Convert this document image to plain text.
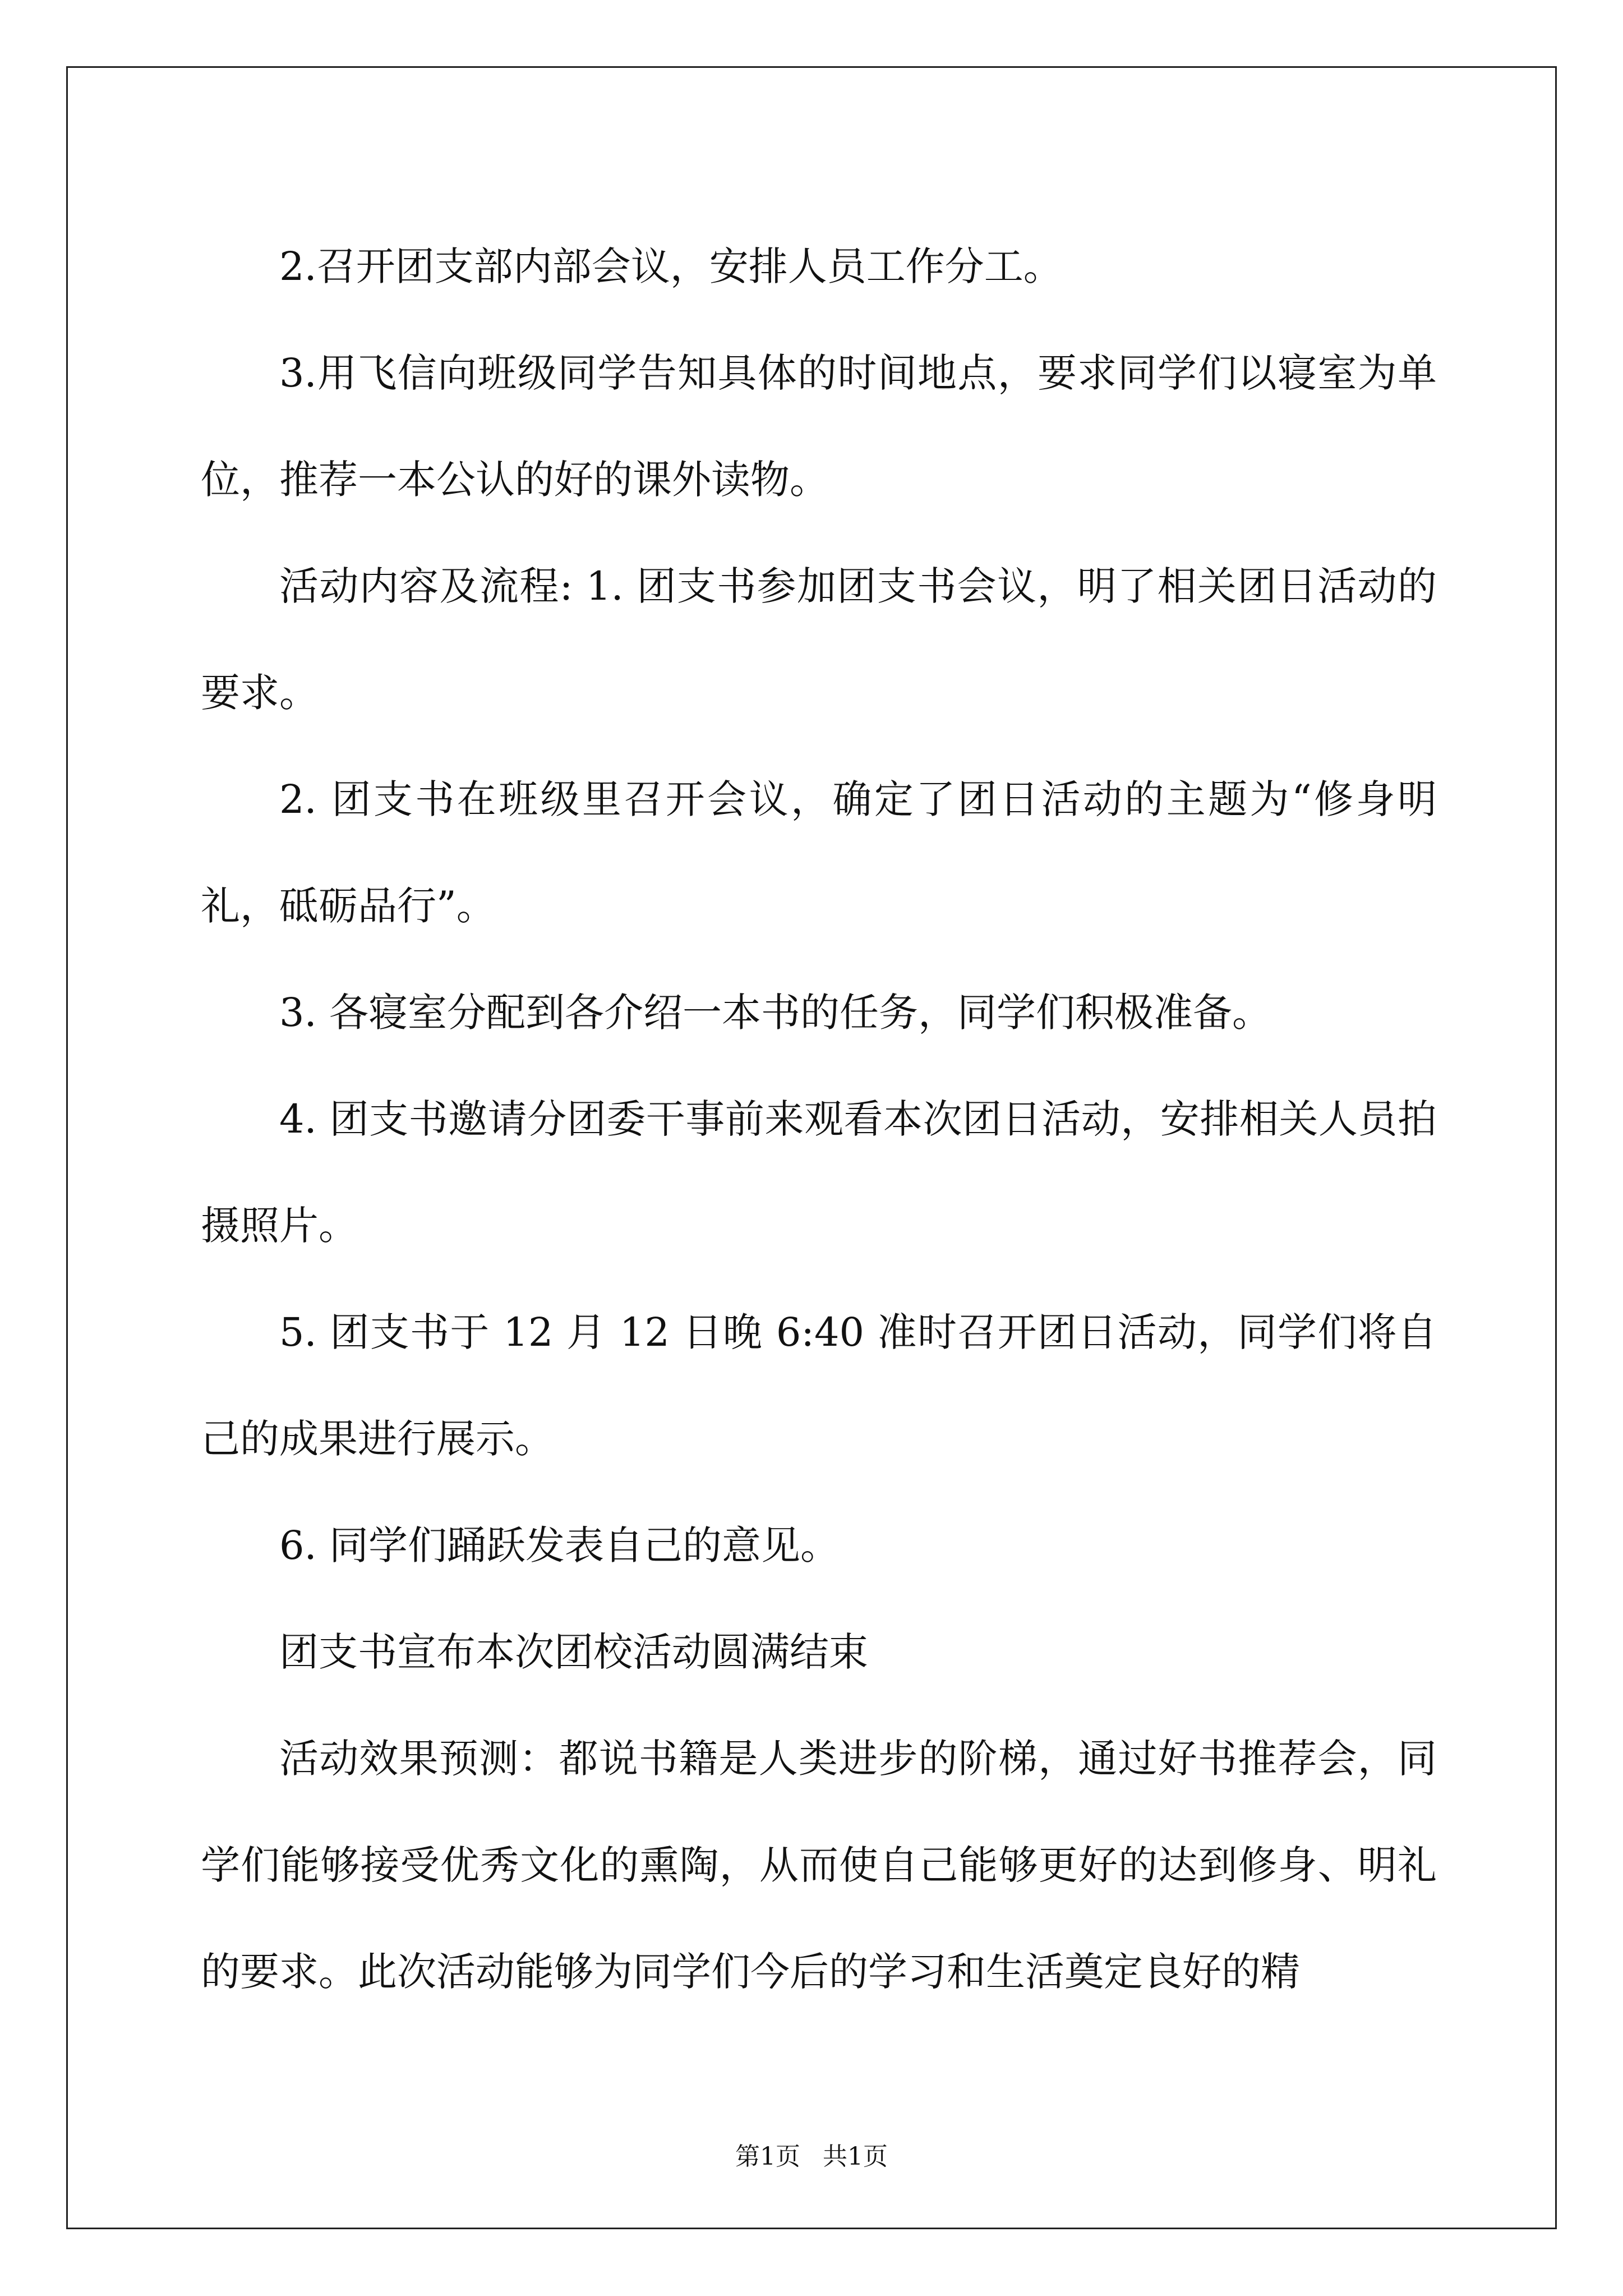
2.召开团支部内部会议，安排人员工作分工。

3.用飞信向班级同学告知具体的时间地点，要求同学们以寝室为单位，推荐一本公认的好的课外读物。

活动内容及流程: 1. 团支书参加团支书会议，明了相关团日活动的要求。

2. 团支书在班级里召开会议，确定了团日活动的主题为“修身明礼，砥砺品行”。

3. 各寝室分配到各介绍一本书的任务，同学们积极准备。

4. 团支书邀请分团委干事前来观看本次团日活动，安排相关人员拍摄照片。

5. 团支书于 12 月 12 日晚 6:40 准时召开团日活动，同学们将自己的成果进行展示。

6. 同学们踊跃发表自己的意见。

团支书宣布本次团校活动圆满结束

活动效果预测：都说书籍是人类进步的阶梯，通过好书推荐会，同学们能够接受优秀文化的熏陶，从而使自己能够更好的达到修身、明礼的要求。此次活动能够为同学们今后的学习和生活奠定良好的精

第1页 共1页
